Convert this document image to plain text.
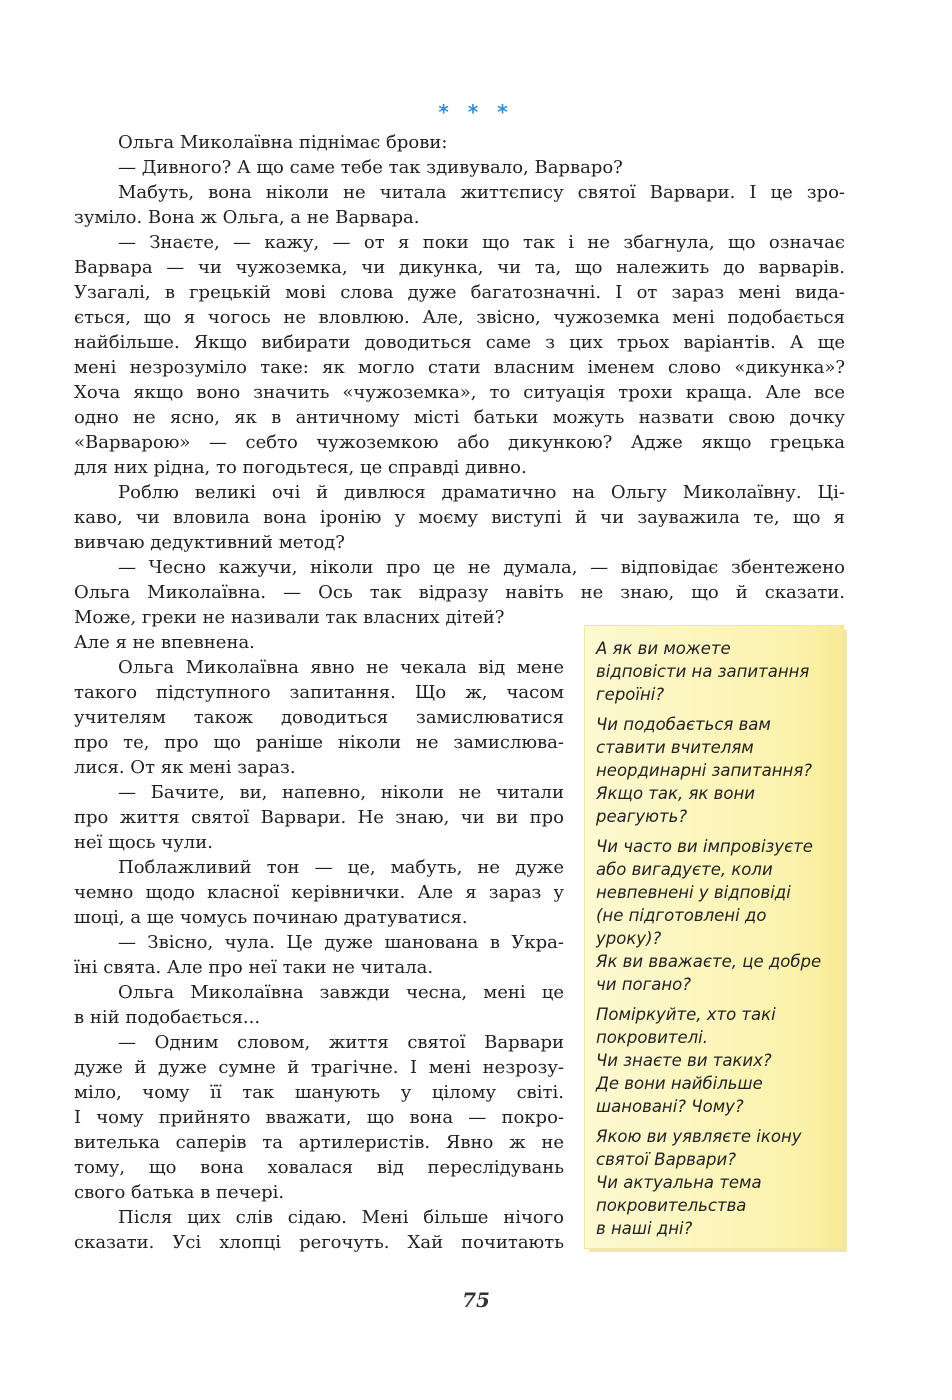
* * *
Ольга Миколаївна піднімає брови:
— Дивного? А що саме тебе так здивувало, Варваро?
Мабуть, вона ніколи не читала життєпису святої Варвари. І це зро-
зуміло. Вона ж Ольга, а не Варвара.
— Знаєте, — кажу, — от я поки що так і не збагнула, що означає
Варвара — чи чужоземка, чи дикунка, чи та, що належить до варварів.
Узагалі, в грецькій мові слова дуже багатозначні. І от зараз мені вида-
ється, що я чогось не вловлюю. Але, звісно, чужоземка мені подобається
найбільше. Якщо вибирати доводиться саме з цих трьох варіантів. А ще
мені незрозуміло таке: як могло стати власним іменем слово «дикунка»?
Хоча якщо воно значить «чужоземка», то ситуація трохи краща. Але все
одно не ясно, як в античному місті батьки можуть назвати свою дочку
«Варварою» — себто чужоземкою або дикункою? Адже якщо грецька
для них рідна, то погодьтеся, це справді дивно.
Роблю великі очі й дивлюся драматично на Ольгу Миколаївну. Ці-
каво, чи вловила вона іронію у моєму виступі й чи зауважила те, що я
вивчаю дедуктивний метод?
— Чесно кажучи, ніколи про це не думала, — відповідає збентежено
Ольга Миколаївна. — Ось так відразу навіть не знаю, що й сказати.
Може, греки не називали так власних дітей?
Але я не впевнена.
Ольга Миколаївна явно не чекала від мене
такого підступного запитання. Що ж, часом
учителям також доводиться замислюватися
про те, про що раніше ніколи не замислюва-
лися. От як мені зараз.
— Бачите, ви, напевно, ніколи не читали
про життя святої Варвари. Не знаю, чи ви про
неї щось чули.
Поблажливий тон — це, мабуть, не дуже
чемно щодо класної керівнички. Але я зараз у
шоці, а ще чомусь починаю дратуватися.
— Звісно, чула. Це дуже шанована в Укра-
їні свята. Але про неї таки не читала.
Ольга Миколаївна завжди чесна, мені це
в ній подобається...
— Одним словом, життя святої Варвари
дуже й дуже сумне й трагічне. І мені незрозу-
міло, чому її так шанують у цілому світі.
І чому прийнято вважати, що вона — покро-
вителька саперів та артилеристів. Явно ж не
тому, що вона ховалася від переслідувань
свого батька в печері.
Після цих слів сідаю. Мені більше нічого
сказати. Усі хлопці регочуть. Хай почитають
А як ви можете
відповісти на запитання
героїні?
Чи подобається вам
ставити вчителям
неординарні запитання?
Якщо так, як вони
реагують?
Чи часто ви імпровізуєте
або вигадуєте, коли
невпевнені у відповіді
(не підготовлені до
уроку)?
Як ви вважаєте, це добре
чи погано?
Поміркуйте, хто такі
покровителі.
Чи знаєте ви таких?
Де вони найбільше
шановані? Чому?
Якою ви уявляєте ікону
святої Варвари?
Чи актуальна тема
покровительства
в наші дні?
75
